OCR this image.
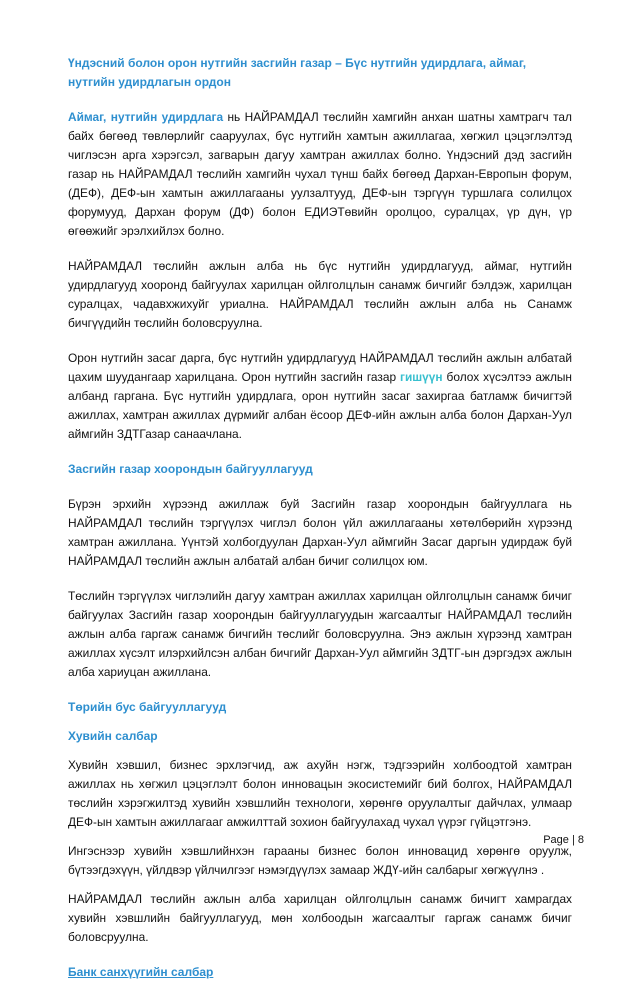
Үндэсний болон орон нутгийн засгийн газар – Бүс нутгийн удирдлага, аймаг, нутгийн удирдлагын ордон

Аймаг, нутгийн удирдлага нь НАЙРАМДАЛ төслийн хамгийн анхан шатны хамтрагч тал байх бөгөөд төвлөрлийг сааруулах, бүс нутгийн хамтын ажиллагаа, хөгжил цэцэглэлтэд чиглэсэн арга хэрэгсэл, загварын дагуу хамтран ажиллах болно. Үндэсний дэд засгийн газар нь НАЙРАМДАЛ төслийн хамгийн чухал түнш байх бөгөөд Дархан-Европын форум, (ДЕФ), ДЕФ-ын хамтын ажиллагааны уулзалтууд, ДЕФ-ын тэргүүн туршлага солилцох форумууд, Дархан форум (ДФ) болон ЕДИЭТөвийн оролцоо, суралцах, үр дүн, үр өгөөжийг эрэлхийлэх болно.

НАЙРАМДАЛ төслийн ажлын алба нь бүс нутгийн удирдлагууд, аймаг, нутгийн удирдлагууд хооронд байгуулах харилцан ойлголцлын санамж бичгийг бэлдэж, харилцан суралцах, чадавхжихуйг уриална. НАЙРАМДАЛ төслийн ажлын алба нь Санамж бичгүүдийн төслийн боловсруулна.

Орон нутгийн засаг дарга, бүс нутгийн удирдлагууд НАЙРАМДАЛ төслийн ажлын албатай цахим шуудангаар харилцана. Орон нутгийн засгийн газар гишүүн болох хүсэлтээ ажлын албанд гаргана. Бүс нутгийн удирдлага, орон нутгийн засаг захиргаа батламж бичигтэй ажиллах, хамтран ажиллах дүрмийг албан ёсоор ДЕФ-ийн ажлын алба болон Дархан-Уул аймгийн ЗДТГазар санаачлана.

Засгийн газар хоорондын байгууллагууд

Бүрэн эрхийн хүрээнд ажиллаж буй Засгийн газар хоорондын байгууллага нь НАЙРАМДАЛ төслийн тэргүүлэх чиглэл болон үйл ажиллагааны хөтөлбөрийн хүрээнд хамтран ажиллана. Үүнтэй холбогдуулан Дархан-Уул аймгийн Засаг даргын удирдаж буй НАЙРАМДАЛ төслийн ажлын албатай албан бичиг солилцох юм.

Төслийн тэргүүлэх чиглэлийн дагуу хамтран ажиллах харилцан ойлголцлын санамж бичиг байгуулах Засгийн газар хоорондын байгууллагуудын жагсаалтыг НАЙРАМДАЛ төслийн ажлын алба гаргаж санамж бичгийн төслийг боловсруулна. Энэ ажлын хүрээнд хамтран ажиллах хүсэлт илэрхийлсэн албан бичгийг Дархан-Уул аймгийн ЗДТГ-ын дэргэдэх ажлын алба хариуцан ажиллана.

Төрийн бус байгууллагууд
Хувийн салбар

Хувийн хэвшил, бизнес эрхлэгчид, аж ахуйн нэгж, тэдгээрийн холбоодтой хамтран ажиллах нь хөгжил цэцэглэлт болон инновацын экосистемийг бий болгох, НАЙРАМДАЛ төслийн хэрэгжилтэд хувийн хэвшлийн технологи, хөрөнгө оруулалтыг дайчлах, улмаар ДЕФ-ын хамтын ажиллагааг амжилттай зохион байгуулахад чухал үүрэг гүйцэтгэнэ.

Ингэснээр хувийн хэвшлийнхэн гарааны бизнес болон инновацид хөрөнгө оруулж, бүтээгдэхүүн, үйлдвэр үйлчилгээг нэмэгдүүлэх замаар ЖДҮ-ийн салбарыг хөгжүүлнэ .

НАЙРАМДАЛ төслийн ажлын алба харилцан ойлголцлын санамж бичигт хамрагдах хувийн хэвшлийн байгууллагууд, мөн холбоодын жагсаалтыг гаргаж санамж бичиг боловсруулна.

Банк санхүүгийн салбар
Page | 8
